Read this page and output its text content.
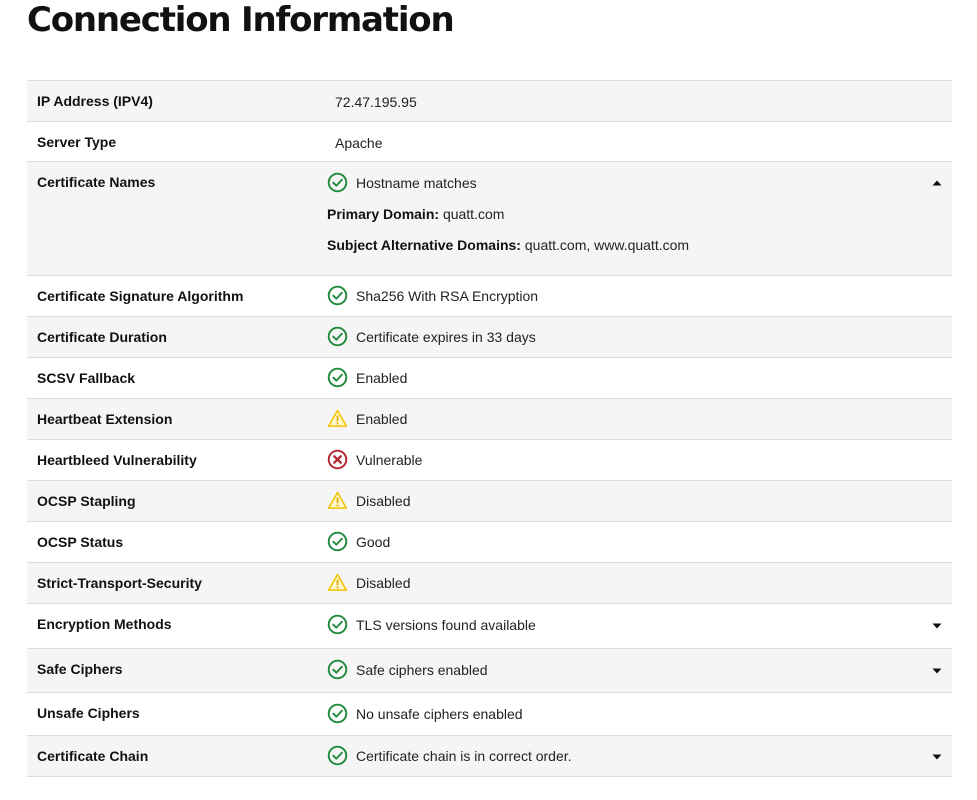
Connection Information
IP Address (IPV4)	72.47.195.95
Server Type	Apache
Certificate Names	Hostname matches
Primary Domain: quatt.com
Subject Alternative Domains: quatt.com, www.quatt.com
Certificate Signature Algorithm	Sha256 With RSA Encryption
Certificate Duration	Certificate expires in 33 days
SCSV Fallback	Enabled
Heartbeat Extension	Enabled
Heartbleed Vulnerability	Vulnerable
OCSP Stapling	Disabled
OCSP Status	Good
Strict-Transport-Security	Disabled
Encryption Methods	TLS versions found available
Safe Ciphers	Safe ciphers enabled
Unsafe Ciphers	No unsafe ciphers enabled
Certificate Chain	Certificate chain is in correct order.
